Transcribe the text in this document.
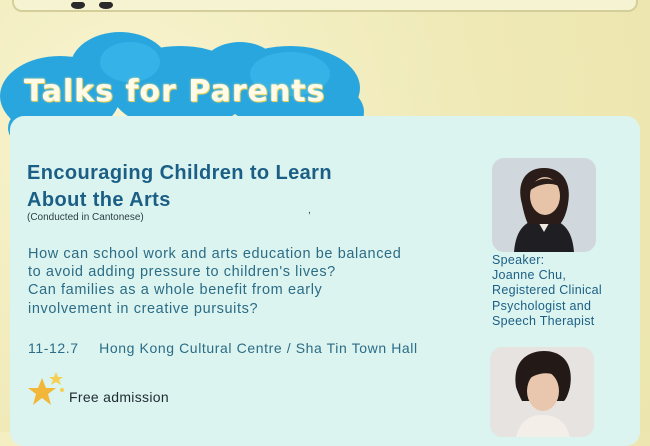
Talks for Parents
Encouraging Children to Learn
About the Arts
(Conducted in Cantonese)
,

How can school work and arts education be balanced

to avoid adding pressure to children's lives?

Can families as a whole benefit from early

involvement in creative pursuits?

11-12.7 Hong Kong Cultural Centre / Sha Tin Town Hall
Free admission
Speaker:
Joanne Chu,
Registered Clinical
Psychologist and
Speech Therapist
